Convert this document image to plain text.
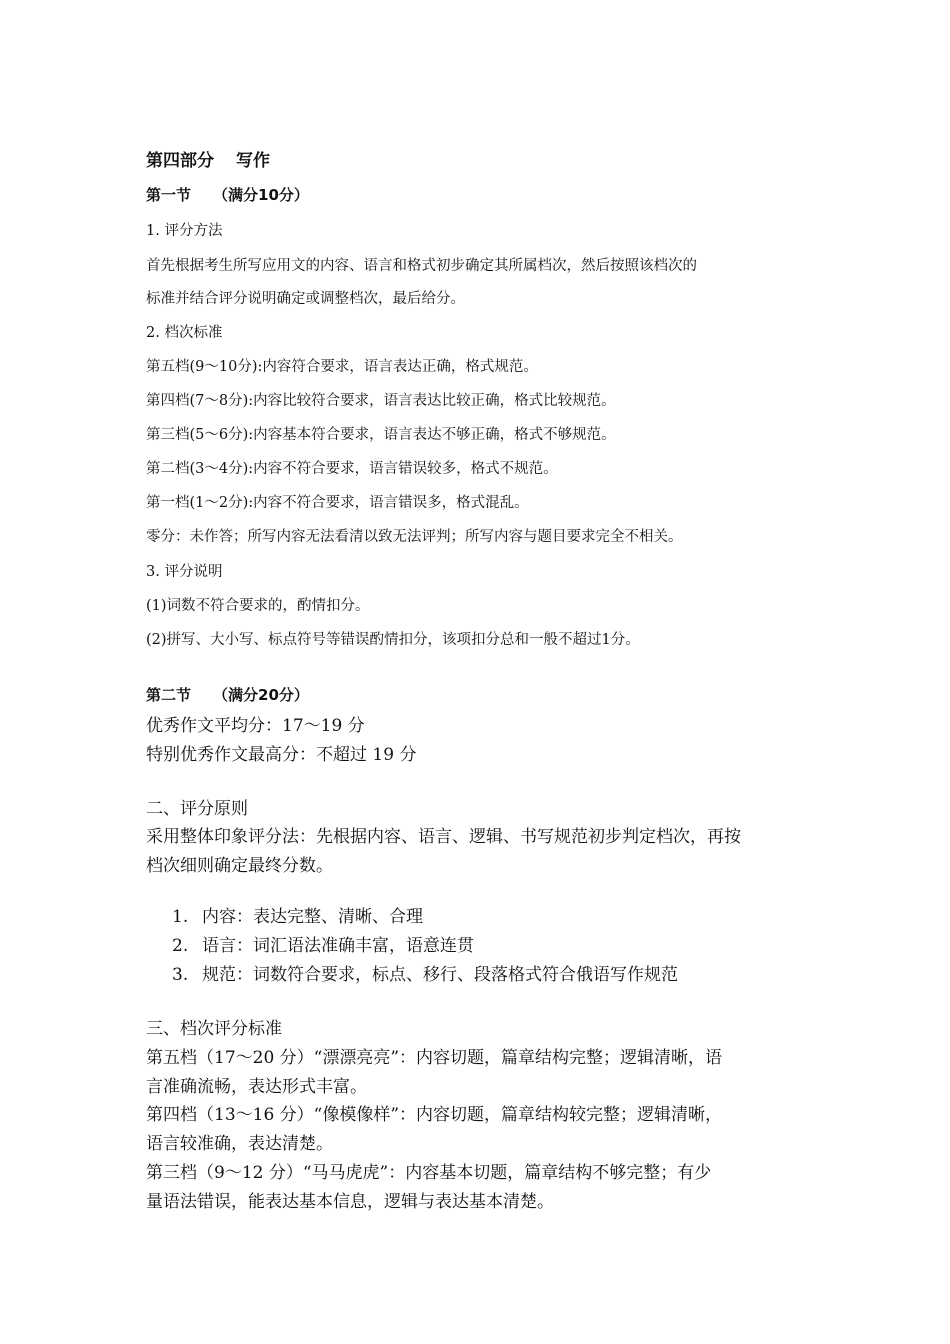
第四部分 写作

第一节 （满分10分）

1. 评分方法

首先根据考生所写应用文的内容、语言和格式初步确定其所属档次，然后按照该档次的

标准并结合评分说明确定或调整档次，最后给分。

2. 档次标准

第五档(9～10分):内容符合要求，语言表达正确，格式规范。

第四档(7～8分):内容比较符合要求，语言表达比较正确，格式比较规范。

第三档(5～6分):内容基本符合要求，语言表达不够正确，格式不够规范。

第二档(3～4分):内容不符合要求，语言错误较多，格式不规范。

第一档(1～2分):内容不符合要求，语言错误多，格式混乱。

零分：未作答；所写内容无法看清以致无法评判；所写内容与题目要求完全不相关。

3. 评分说明

(1)词数不符合要求的，酌情扣分。

(2)拼写、大小写、标点符号等错误酌情扣分，该项扣分总和一般不超过1分。

第二节 （满分20分）

优秀作文平均分：17～19 分

特别优秀作文最高分：不超过 19 分

二、评分原则

采用整体印象评分法：先根据内容、语言、逻辑、书写规范初步判定档次，再按

档次细则确定最终分数。

1. 内容：表达完整、清晰、合理

2. 语言：词汇语法准确丰富，语意连贯

3. 规范：词数符合要求，标点、移行、段落格式符合俄语写作规范

三、档次评分标准

第五档（17～20 分）“漂漂亮亮”：内容切题，篇章结构完整；逻辑清晰，语

言准确流畅，表达形式丰富。

第四档（13～16 分）“像模像样”：内容切题，篇章结构较完整；逻辑清晰，

语言较准确，表达清楚。

第三档（9～12 分）“马马虎虎”：内容基本切题，篇章结构不够完整；有少

量语法错误，能表达基本信息，逻辑与表达基本清楚。
